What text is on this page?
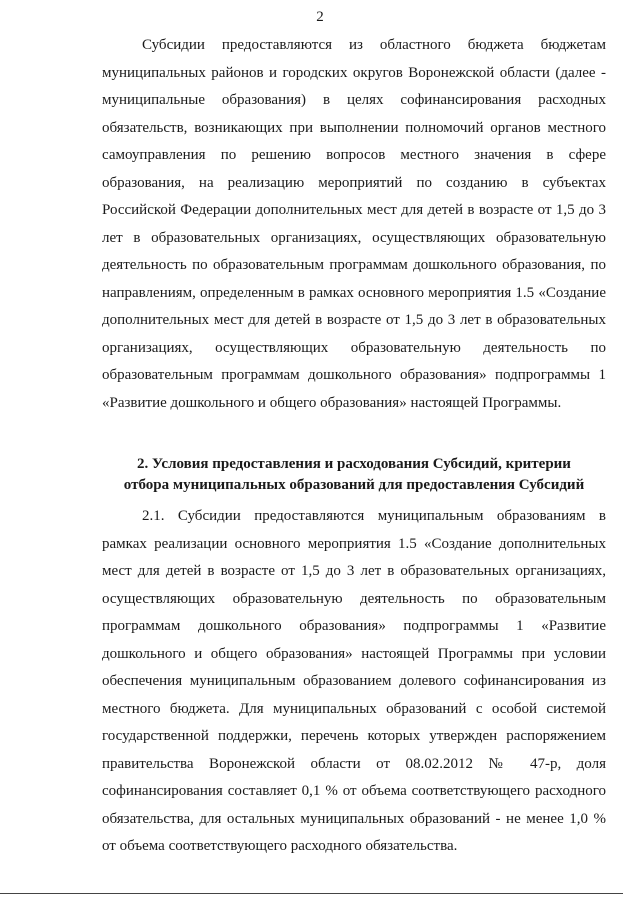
2

Субсидии предоставляются из областного бюджета бюджетам муниципальных районов и городских округов Воронежской области (далее - муниципальные образования) в целях софинансирования расходных обязательств, возникающих при выполнении полномочий органов местного самоуправления по решению вопросов местного значения в сфере образования, на реализацию мероприятий по созданию в субъектах Российской Федерации дополнительных мест для детей в возрасте от 1,5 до 3 лет в образовательных организациях, осуществляющих образовательную деятельность по образовательным программам дошкольного образования, по направлениям, определенным в рамках основного мероприятия 1.5 «Создание дополнительных мест для детей в возрасте от 1,5 до 3 лет в образовательных организациях, осуществляющих образовательную деятельность по образовательным программам дошкольного образования» подпрограммы 1 «Развитие дошкольного и общего образования» настоящей Программы.

2. Условия предоставления и расходования Субсидий, критерии
отбора муниципальных образований для предоставления Субсидий

2.1. Субсидии предоставляются муниципальным образованиям в рамках реализации основного мероприятия 1.5 «Создание дополнительных мест для детей в возрасте от 1,5 до 3 лет в образовательных организациях, осуществляющих образовательную деятельность по образовательным программам дошкольного образования» подпрограммы 1 «Развитие дошкольного и общего образования» настоящей Программы при условии обеспечения муниципальным образованием долевого софинансирования из местного бюджета. Для муниципальных образований с особой системой государственной поддержки, перечень которых утвержден распоряжением правительства Воронежской области от 08.02.2012 № 47-р, доля софинансирования составляет 0,1 % от объема соответствующего расходного обязательства, для остальных муниципальных образований - не менее 1,0 % от объема соответствующего расходного обязательства.
